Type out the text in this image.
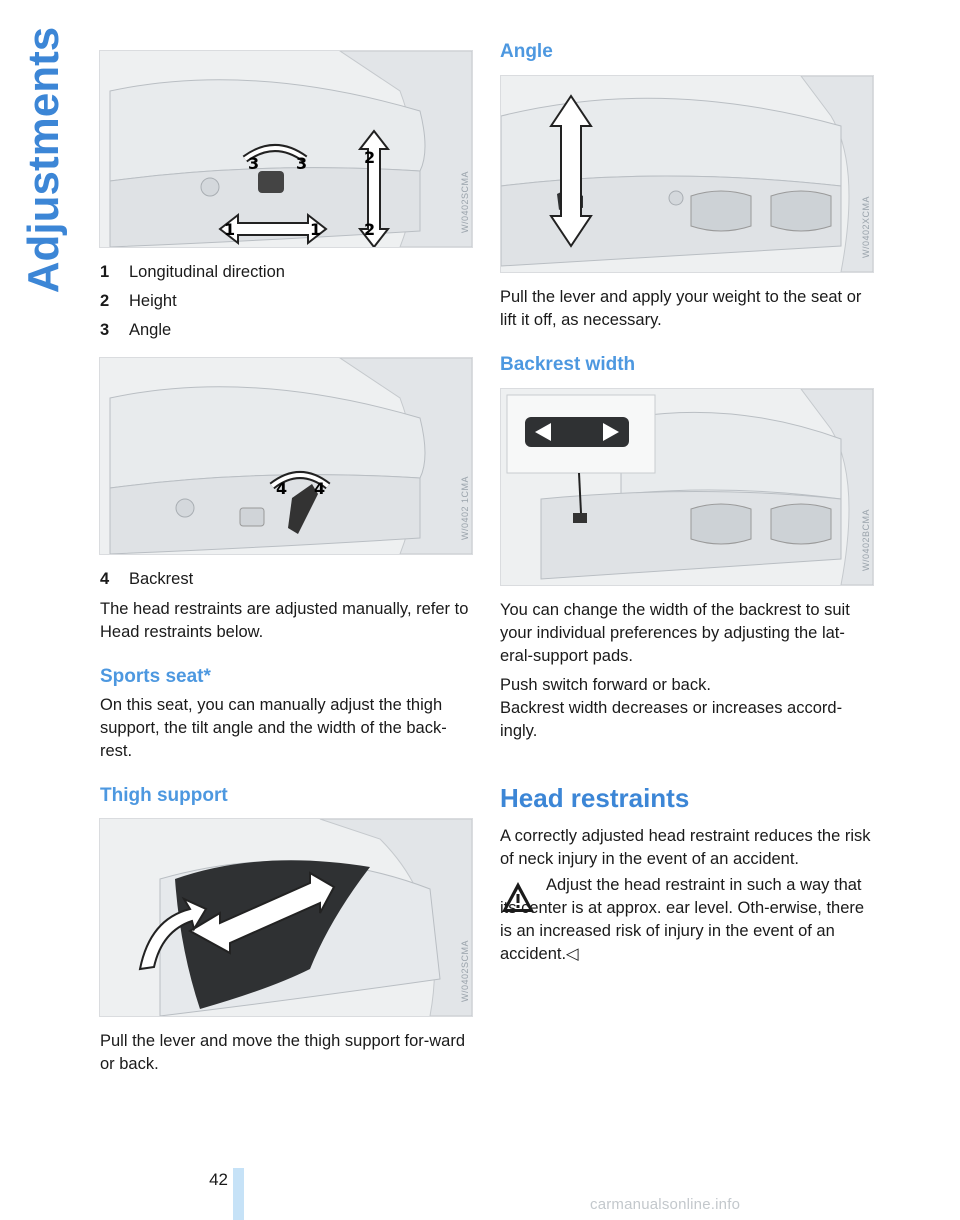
Adjustments
42
1	1
2
2
3 3
W/0402SCMA
1	Longitudinal direction
2	Height
3	Angle
4 4	W/0402 1CMA
4	Backrest
The head restraints are adjusted manually, refer to Head restraints below.
Sports seat*
On this seat, you can manually adjust the thigh support, the tilt angle and the width of the back-rest.
Thigh support
W/0402SCMA
Pull the lever and move the thigh support for-ward or back.
Angle
W/0402XCMA
Pull the lever and apply your weight to the seat or lift it off, as necessary.
Backrest width
W/0402BCMA
You can change the width of the backrest to suit your individual preferences by adjusting the lat-eral-support pads.
Push switch forward or back.
Backrest width decreases or increases accord-ingly.
Head restraints
A correctly adjusted head restraint reduces the risk of neck injury in the event of an accident.
Adjust the head restraint in such a way that its center is at approx. ear level. Oth-erwise, there is an increased risk of injury in the event of an accident.◁
carmanualsonline.info
